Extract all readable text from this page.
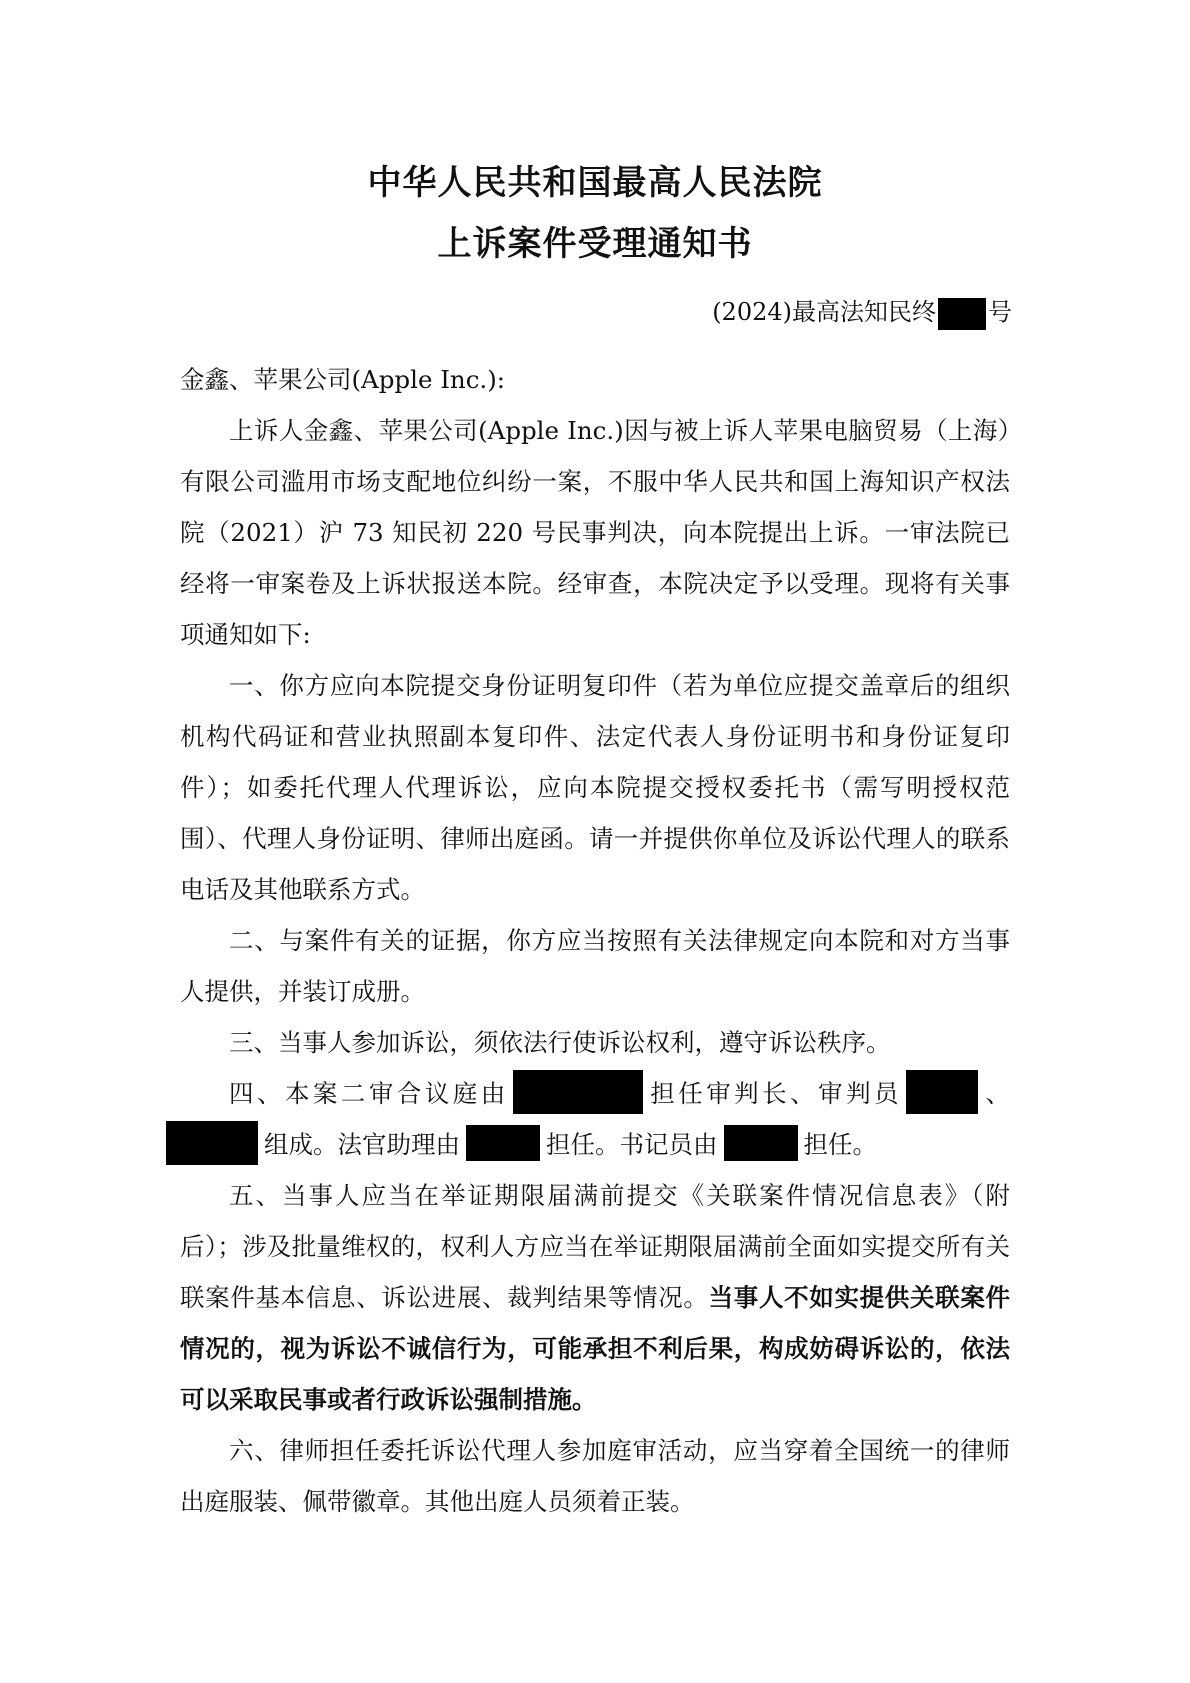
中华人民共和国最高人民法院
上诉案件受理通知书
(2024)最高法知民终 号

金鑫、苹果公司(Apple Inc.):

上诉人金鑫、苹果公司(Apple Inc.)因与被上诉人苹果电脑贸易（上海）有限公司滥用市场支配地位纠纷一案，不服中华人民共和国上海知识产权法院（2021）沪 73 知民初 220 号民事判决，向本院提出上诉。一审法院已经将一审案卷及上诉状报送本院。经审查，本院决定予以受理。现将有关事项通知如下:

一、你方应向本院提交身份证明复印件（若为单位应提交盖章后的组织机构代码证和营业执照副本复印件、法定代表人身份证明书和身份证复印件）；如委托代理人代理诉讼，应向本院提交授权委托书（需写明授权范围）、代理人身份证明、律师出庭函。请一并提供你单位及诉讼代理人的联系电话及其他联系方式。

二、与案件有关的证据，你方应当按照有关法律规定向本院和对方当事人提供，并装订成册。

三、当事人参加诉讼，须依法行使诉讼权利，遵守诉讼秩序。

四、本案二审合议庭由	担任审判长、审判员	、组成。法官助理由	担任。书记员由	担任。

五、当事人应当在举证期限届满前提交《关联案件情况信息表》（附后）；涉及批量维权的，权利人方应当在举证期限届满前全面如实提交所有关联案件基本信息、诉讼进展、裁判结果等情况。当事人不如实提供关联案件情况的，视为诉讼不诚信行为，可能承担不利后果，构成妨碍诉讼的，依法可以采取民事或者行政诉讼强制措施。

六、律师担任委托诉讼代理人参加庭审活动，应当穿着全国统一的律师出庭服装、佩带徽章。其他出庭人员须着正装。
